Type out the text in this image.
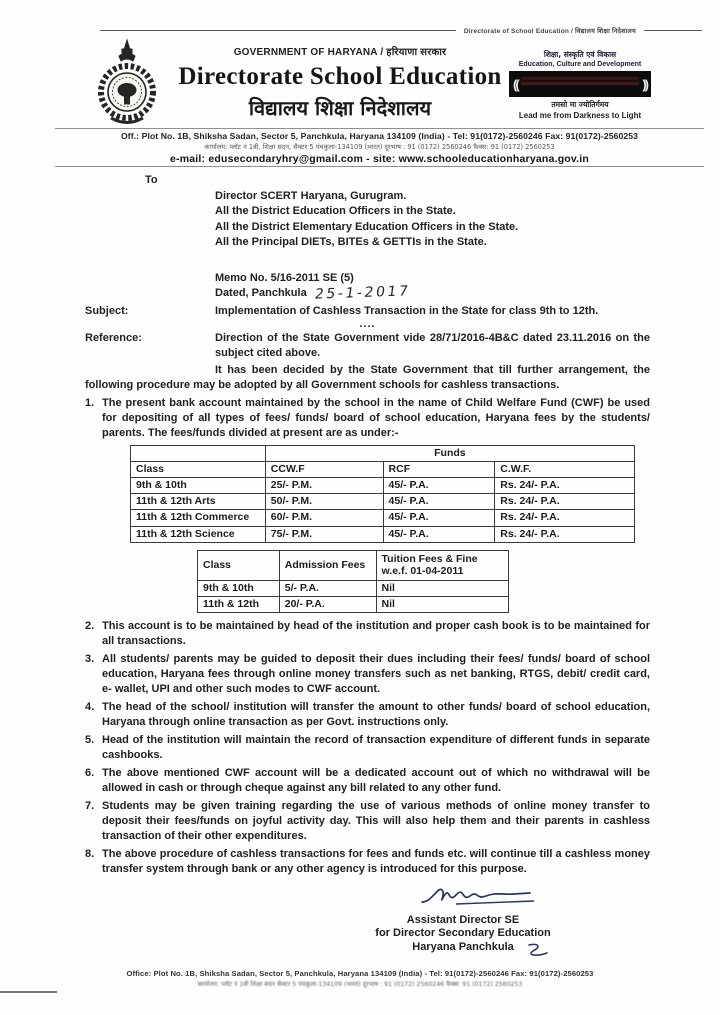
Directorate of School Education / विद्यालय शिक्षा निदेशालय
GOVERNMENT OF HARYANA / हरियाणा सरकार
Directorate School Education
विद्यालय शिक्षा निदेशालय
शिक्षा, संस्कृति एवं विकास
Education, Culture and Development
((	))
तमसो मा ज्योतिर्गमय
Lead me from Darkness to Light
Off.: Plot No. 1B, Shiksha Sadan, Sector 5, Panchkula, Haryana 134109 (India) - Tel: 91(0172)-2560246 Fax: 91(0172)-2560253
कार्यालय: प्लॉट नं 1बी, शिक्षा सदन, सैक्टर 5 पंचकुला-134109 (भारत) दूरभाष : 91 (0172) 2560246 फैक्स: 91 (0172) 2560253
e-mail: edusecondaryhry@gmail.com - site: www.schooleducationharyana.gov.in
To
Director SCERT Haryana, Gurugram.
All the District Education Officers in the State.
All the District Elementary Education Officers in the State.
All the Principal DIETs, BITEs & GETTIs in the State.
Memo No. 5/16-2011 SE (5)
Dated, Panchkula 25-1-2017
Subject:	Implementation of Cashless Transaction in the State for class 9th to 12th.
....
Reference:	Direction of the State Government vide 28/71/2016-4B&C dated 23.11.2016 on the subject cited above.
It has been decided by the State Government that till further arrangement, the following procedure may be adopted by all Government schools for cashless transactions.
1. The present bank account maintained by the school in the name of Child Welfare Fund (CWF) be used for depositing of all types of fees/ funds/ board of school education, Haryana fees by the students/ parents. The fees/funds divided at present are as under:-
	Funds		
Class	CCW.F	RCF	C.W.F.
9th & 10th	25/- P.M.	45/- P.A.	Rs. 24/- P.A.
11th & 12th Arts	50/- P.M.	45/- P.A.	Rs. 24/- P.A.
11th & 12th Commerce	60/- P.M.	45/- P.A.	Rs. 24/- P.A.
11th & 12th Science	75/- P.M.	45/- P.A.	Rs. 24/- P.A.
Class	Admission Fees	Tuition Fees & Fine
w.e.f. 01-04-2011

9th & 10th	5/- P.A.	Nil
11th & 12th	20/- P.A.	Nil
2. This account is to be maintained by head of the institution and proper cash book is to be maintained for all transactions.
3. All students/ parents may be guided to deposit their dues including their fees/ funds/ board of school education, Haryana fees through online money transfers such as net banking, RTGS, debit/ credit card, e- wallet, UPI and other such modes to CWF account.
4. The head of the school/ institution will transfer the amount to other funds/ board of school education, Haryana through online transaction as per Govt. instructions only.
5. Head of the institution will maintain the record of transaction expenditure of different funds in separate cashbooks.
6. The above mentioned CWF account will be a dedicated account out of which no withdrawal will be allowed in cash or through cheque against any bill related to any other fund.
7. Students may be given training regarding the use of various methods of online money transfer to deposit their fees/funds on joyful activity day. This will also help them and their parents in cashless transaction of their other expenditures.
8. The above procedure of cashless transactions for fees and funds etc. will continue till a cashless money transfer system through bank or any other agency is introduced for this purpose.
Assistant Director SE
for Director Secondary Education
Haryana Panchkula
Office: Plot No. 1B, Shiksha Sadan, Sector 5, Panchkula, Haryana 134109 (India) - Tel: 91(0172)-2560246 Fax: 91(0172)-2560253
कार्यालय: प्लॉट नं 1बी शिक्षा सदन सैक्टर 5 पंचकुला-134109 (भारत) दूरभाष : 91 (0172) 2560246 फैक्स: 91 (0172) 2560253
